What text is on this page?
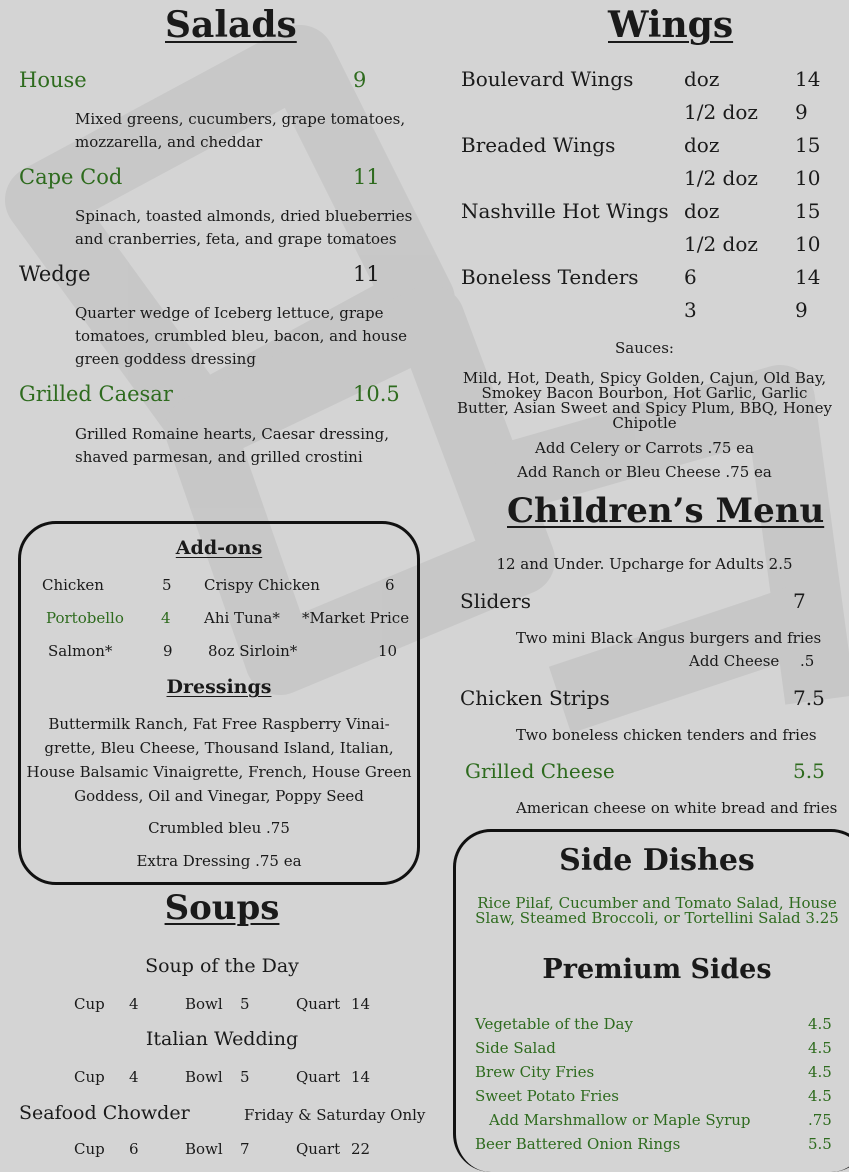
Salads
House	9
Mixed greens, cucumbers, grape tomatoes,
mozzarella, and cheddar
Cape Cod	11
Spinach, toasted almonds, dried blueberries
and cranberries, feta, and grape tomatoes
Wedge	11
Quarter wedge of Iceberg lettuce, grape
tomatoes, crumbled bleu, bacon, and house
green goddess dressing
Grilled Caesar	10.5
Grilled Romaine hearts, Caesar dressing,
shaved parmesan, and grilled crostini
Add-ons
Chicken	5 Crispy Chicken	6
Portobello 4 Ahi Tuna* *Market Price
Salmon*	9 8oz Sirloin*	10
Dressings
Buttermilk Ranch, Fat Free Raspberry Vinai-
grette, Bleu Cheese, Thousand Island, Italian,
House Balsamic Vinaigrette, French, House Green
Goddess, Oil and Vinegar, Poppy Seed
Crumbled bleu .75
Extra Dressing .75 ea
Soups
Soup of the Day
Cup 4	Bowl 5	Quart 14
Italian Wedding
Cup 4	Bowl 5	Quart 14
Seafood Chowder	Friday & Saturday Only
Cup 6	Bowl 7	Quart 22
Wings
Boulevard Wings	doz	14
1/2 doz 9
Breaded Wings	doz	15
1/2 doz 10
Nashville Hot Wings doz	15
1/2 doz 10
Boneless Tenders 6	14
3	9
Sauces:
Mild, Hot, Death, Spicy Golden, Cajun, Old Bay,
Smokey Bacon Bourbon, Hot Garlic, Garlic
Butter, Asian Sweet and Spicy Plum, BBQ, Honey
Chipotle
Add Celery or Carrots .75 ea
Add Ranch or Bleu Cheese .75 ea
Children’s Menu
12 and Under. Upcharge for Adults 2.5
Sliders	7
Two mini Black Angus burgers and fries
Add Cheese .5
Chicken Strips	7.5
Two boneless chicken tenders and fries
Grilled Cheese	5.5
American cheese on white bread and fries
Side Dishes
Rice Pilaf, Cucumber and Tomato Salad, House
Slaw, Steamed Broccoli, or Tortellini Salad 3.25
Premium Sides
Vegetable of the Day	4.5
Side Salad	4.5
Brew City Fries	4.5
Sweet Potato Fries	4.5
Add Marshmallow or Maple Syrup	.75
Beer Battered Onion Rings	5.5
